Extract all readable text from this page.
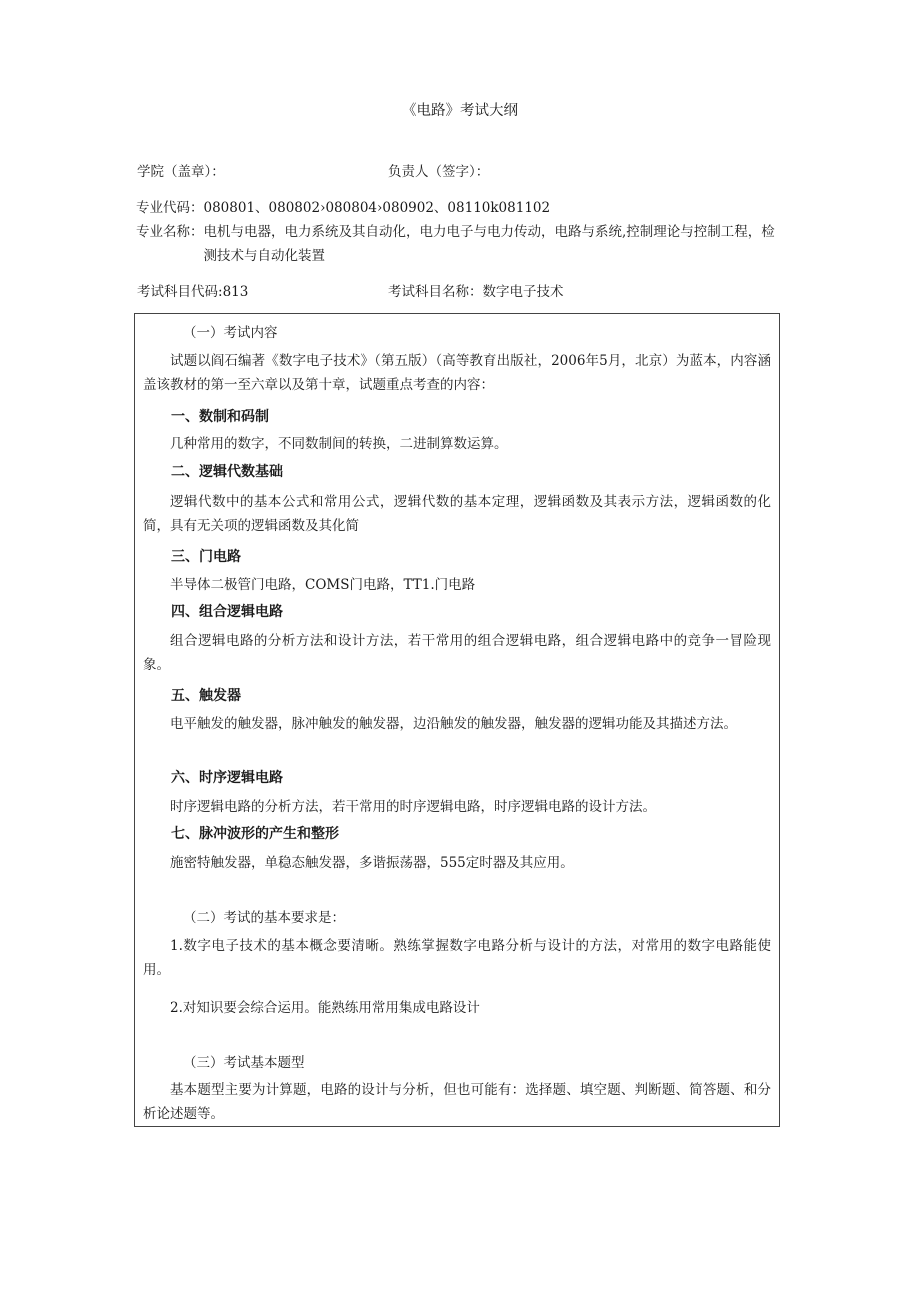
《电路》考试大纲
学院（盖章）：	负责人（签字）：
专业代码： 080801、080802›080804›080902、08110k081102
专业名称： 电机与电器，电力系统及其自动化，电力电子与电力传动，电路与系统,控制理论与控制工程，检测技术与自动化装置
考试科目代码:813	考试科目名称：数字电子技术
（一）考试内容
试题以阎石编著《数字电子技术》（第五版）（高等教育出版社，2006年5月，北京）为蓝本，内容涵盖该教材的第一至六章以及第十章，试题重点考查的内容：
一、数制和码制
几种常用的数字，不同数制间的转换，二进制算数运算。
二、逻辑代数基础
逻辑代数中的基本公式和常用公式，逻辑代数的基本定理，逻辑函数及其表示方法，逻辑函数的化简，具有无关项的逻辑函数及其化简
三、门电路
半导体二极管门电路，COMS门电路，TT1.门电路
四、组合逻辑电路
组合逻辑电路的分析方法和设计方法，若干常用的组合逻辑电路，组合逻辑电路中的竞争一冒险现象。
五、触发器
电平触发的触发器，脉冲触发的触发器，边沿触发的触发器，触发器的逻辑功能及其描述方法。
六、时序逻辑电路
时序逻辑电路的分析方法，若干常用的时序逻辑电路，时序逻辑电路的设计方法。
七、脉冲波形的产生和整形
施密特触发器，单稳态触发器，多谐振荡器，555定时器及其应用。
（二）考试的基本要求是：
1.数字电子技术的基本概念要清晰。熟练掌握数字电路分析与设计的方法，对常用的数字电路能使用。
2.对知识要会综合运用。能熟练用常用集成电路设计
（三）考试基本题型
基本题型主要为计算题，电路的设计与分析，但也可能有：选择题、填空题、判断题、简答题、和分析论述题等。
